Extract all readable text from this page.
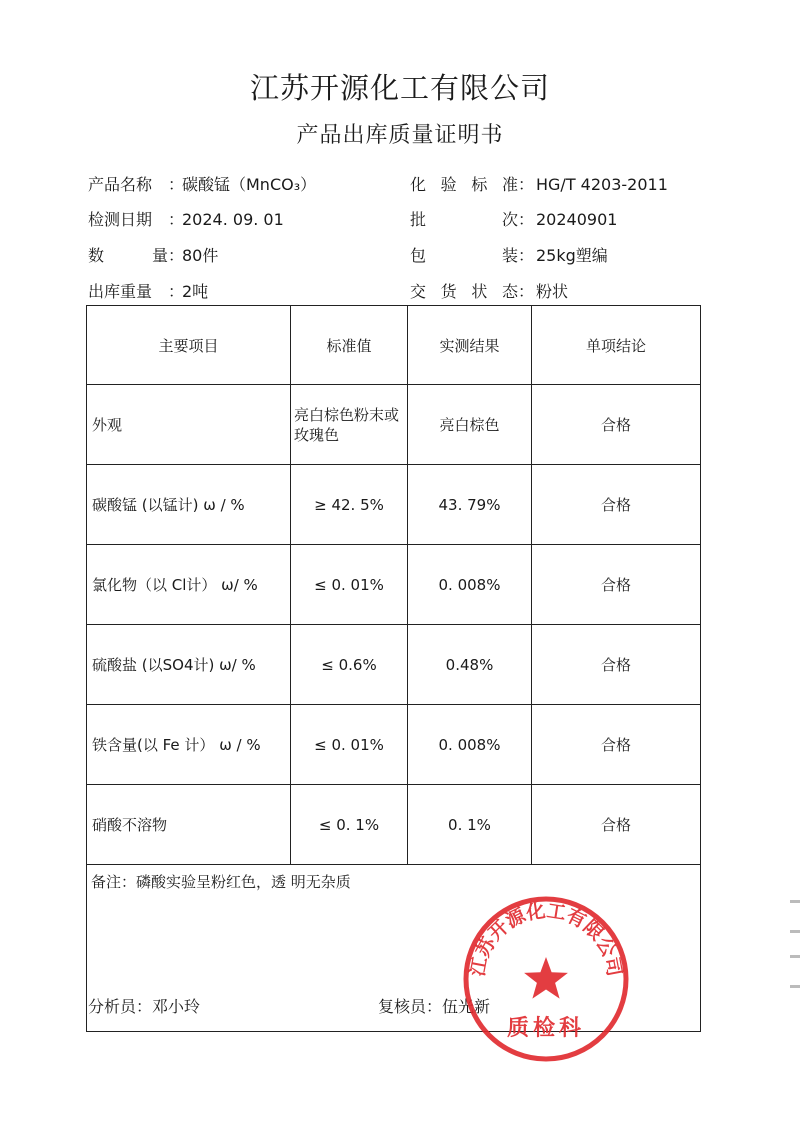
江苏开源化工有限公司
产品出库质量证明书
产品名称 ：碳酸锰（MnCO₃）
检测日期 ：2024. 09. 01
数量：80件
出库重量 ：2吨
化验标准： HG/T 4203-2011
批次： 20240901
包装： 25kg塑编
交货状态： 粉状
主要项目	标准值	实测结果	单项结论
外观	亮白棕色粉末或玫瑰色	亮白棕色	合格
碳酸锰 (以锰计) ω / %	≥ 42. 5%	43. 79%	合格
氯化物（以 Cl计） ω/ %	≤ 0. 01%	0. 008%	合格
硫酸盐 (以SO4计) ω/ %	≤ 0.6%	0.48%	合格
铁含量(以 Fe 计） ω / %	≤ 0. 01%	0. 008%	合格
硝酸不溶物	≤ 0. 1%	0. 1%	合格
备注：磷酸实验呈粉红色，透 明无杂质			
分析员：邓小玲	复核员：伍光新
江苏开源化工有限公司
质检科
